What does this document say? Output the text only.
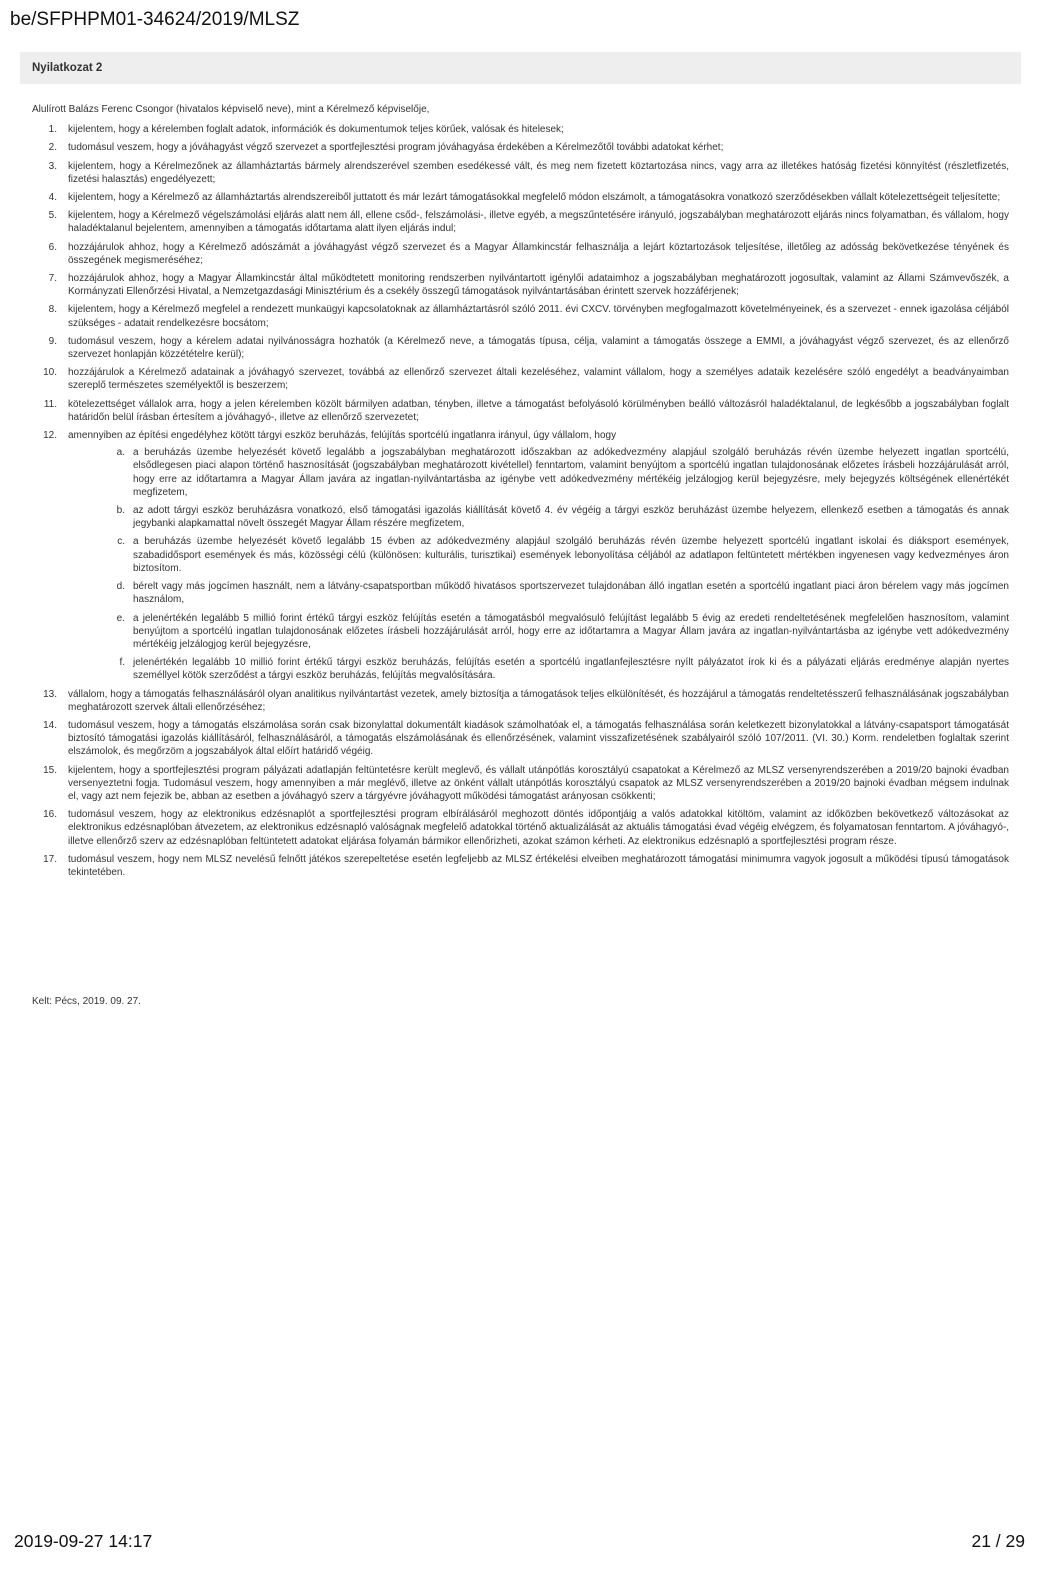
be/SFPHPM01-34624/2019/MLSZ
Nyilatkozat 2

Alulírott Balázs Ferenc Csongor (hivatalos képviselő neve), mint a Kérelmező képviselője,

1. kijelentem, hogy a kérelemben foglalt adatok, információk és dokumentumok teljes körűek, valósak és hitelesek;
2. tudomásul veszem, hogy a jóváhagyást végző szervezet a sportfejlesztési program jóváhagyása érdekében a Kérelmezőtől további adatokat kérhet;
3. kijelentem, hogy a Kérelmezőnek az államháztartás bármely alrendszerével szemben esedékessé vált, és meg nem fizetett köztartozása nincs, vagy arra az illetékes hatóság fizetési könnyítést (részletfizetés, fizetési halasztás) engedélyezett;
4. kijelentem, hogy a Kérelmező az államháztartás alrendszereiből juttatott és már lezárt támogatásokkal megfelelő módon elszámolt, a támogatásokra vonatkozó szerződésekben vállalt kötelezettségeit teljesítette;
5. kijelentem, hogy a Kérelmező végelszámolási eljárás alatt nem áll, ellene csőd-, felszámolási-, illetve egyéb, a megszűntetésére irányuló, jogszabályban meghatározott eljárás nincs folyamatban, és vállalom, hogy haladéktalanul bejelentem, amennyiben a támogatás időtartama alatt ilyen eljárás indul;
6. hozzájárulok ahhoz, hogy a Kérelmező adószámát a jóváhagyást végző szervezet és a Magyar Államkincstár felhasználja a lejárt köztartozások teljesítése, illetőleg az adósság bekövetkezése tényének és összegének megismeréséhez;
7. hozzájárulok ahhoz, hogy a Magyar Államkincstár által működtetett monitoring rendszerben nyilvántartott igénylői adataimhoz a jogszabályban meghatározott jogosultak, valamint az Állami Számvevőszék, a Kormányzati Ellenőrzési Hivatal, a Nemzetgazdasági Minisztérium és a csekély összegű támogatások nyilvántartásában érintett szervek hozzáférjenek;
8. kijelentem, hogy a Kérelmező megfelel a rendezett munkaügyi kapcsolatoknak az államháztartásról szóló 2011. évi CXCV. törvényben megfogalmazott követelményeinek, és a szervezet - ennek igazolása céljából szükséges - adatait rendelkezésre bocsátom;
9. tudomásul veszem, hogy a kérelem adatai nyilvánosságra hozhatók (a Kérelmező neve, a támogatás típusa, célja, valamint a támogatás összege a EMMI, a jóváhagyást végző szervezet, és az ellenőrző szervezet honlapján közzétételre kerül);
10. hozzájárulok a Kérelmező adatainak a jóváhagyó szervezet, továbbá az ellenőrző szervezet általi kezeléséhez, valamint vállalom, hogy a személyes adataik kezelésére szóló engedélyt a beadványaimban szereplő természetes személyektől is beszerzem;
11. kötelezettséget vállalok arra, hogy a jelen kérelemben közölt bármilyen adatban, tényben, illetve a támogatást befolyásoló körülményben beálló változásról haladéktalanul, de legkésőbb a jogszabályban foglalt határidőn belül írásban értesítem a jóváhagyó-, illetve az ellenőrző szervezetet;
12. amennyiben az építési engedélyhez kötött tárgyi eszköz beruházás, felújítás sportcélú ingatlanra irányul, úgy vállalom, hogy
a. a beruházás üzembe helyezését követő legalább a jogszabályban meghatározott időszakban az adókedvezmény alapjául szolgáló beruházás révén üzembe helyezett ingatlan sportcélú, elsődlegesen piaci alapon történő hasznosítását (jogszabályban meghatározott kivétellel) fenntartom, valamint benyújtom a sportcélú ingatlan tulajdonosának előzetes írásbeli hozzájárulását arról, hogy erre az időtartamra a Magyar Állam javára az ingatlan-nyilvántartásba az igénybe vett adókedvezmény mértékéig jelzálogjog kerül bejegyzésre, mely bejegyzés költségének ellenértékét megfizetem,
b. az adott tárgyi eszköz beruházásra vonatkozó, első támogatási igazolás kiállítását követő 4. év végéig a tárgyi eszköz beruházást üzembe helyezem, ellenkező esetben a támogatás és annak jegybanki alapkamattal növelt összegét Magyar Állam részére megfizetem,
c. a beruházás üzembe helyezését követő legalább 15 évben az adókedvezmény alapjául szolgáló beruházás révén üzembe helyezett sportcélú ingatlant iskolai és diáksport események, szabadidősport események és más, közösségi célú (különösen: kulturális, turisztikai) események lebonyolítása céljából az adatlapon feltüntetett mértékben ingyenesen vagy kedvezményes áron biztosítom.
d. bérelt vagy más jogcímen használt, nem a látvány-csapatsportban működő hivatásos sportszervezet tulajdonában álló ingatlan esetén a sportcélú ingatlant piaci áron bérelem vagy más jogcímen használom,
e. a jelenértékén legalább 5 millió forint értékű tárgyi eszköz felújítás esetén a támogatásból megvalósuló felújítást legalább 5 évig az eredeti rendeltetésének megfelelően hasznosítom, valamint benyújtom a sportcélú ingatlan tulajdonosának előzetes írásbeli hozzájárulását arról, hogy erre az időtartamra a Magyar Állam javára az ingatlan-nyilvántartásba az igénybe vett adókedvezmény mértékéig jelzálogjog kerül bejegyzésre,
f. jelenértékén legalább 10 millió forint értékű tárgyi eszköz beruházás, felújítás esetén a sportcélú ingatlanfejlesztésre nyílt pályázatot írok ki és a pályázati eljárás eredménye alapján nyertes személlyel kötök szerződést a tárgyi eszköz beruházás, felújítás megvalósítására.
13. vállalom, hogy a támogatás felhasználásáról olyan analitikus nyilvántartást vezetek, amely biztosítja a támogatások teljes elkülönítését, és hozzájárul a támogatás rendeltetésszerű felhasználásának jogszabályban meghatározott szervek általi ellenőrzéséhez;
14. tudomásul veszem, hogy a támogatás elszámolása során csak bizonylattal dokumentált kiadások számolhatóak el, a támogatás felhasználása során keletkezett bizonylatokkal a látvány-csapatsport támogatását biztosító támogatási igazolás kiállításáról, felhasználásáról, a támogatás elszámolásának és ellenőrzésének, valamint visszafizetésének szabályairól szóló 107/2011. (VI. 30.) Korm. rendeletben foglaltak szerint elszámolok, és megőrzöm a jogszabályok által előírt határidő végéig.
15. kijelentem, hogy a sportfejlesztési program pályázati adatlapján feltüntetésre került meglevő, és vállalt utánpótlás korosztályú csapatokat a Kérelmező az MLSZ versenyrendszerében a 2019/20 bajnoki évadban versenyeztetni fogja. Tudomásul veszem, hogy amennyiben a már meglévő, illetve az önként vállalt utánpótlás korosztályú csapatok az MLSZ versenyrendszerében a 2019/20 bajnoki évadban mégsem indulnak el, vagy azt nem fejezik be, abban az esetben a jóváhagyó szerv a tárgyévre jóváhagyott működési támogatást arányosan csökkenti;
16. tudomásul veszem, hogy az elektronikus edzésnaplót a sportfejlesztési program elbírálásáról meghozott döntés időpontjáig a valós adatokkal kitöltöm, valamint az időközben bekövetkező változásokat az elektronikus edzésnaplóban átvezetem, az elektronikus edzésnapló valóságnak megfelelő adatokkal történő aktualizálását az aktuális támogatási évad végéig elvégzem, és folyamatosan fenntartom. A jóváhagyó-, illetve ellenőrző szerv az edzésnaplóban feltüntetett adatokat eljárása folyamán bármikor ellenőrizheti, azokat számon kérheti. Az elektronikus edzésnapló a sportfejlesztési program része.
17. tudomásul veszem, hogy nem MLSZ nevelésű felnőtt játékos szerepeltetése esetén legfeljebb az MLSZ értékelési elveiben meghatározott támogatási minimumra vagyok jogosult a működési típusú támogatások tekintetében.
Kelt: Pécs, 2019. 09. 27.
2019-09-27 14:17	21 / 29
